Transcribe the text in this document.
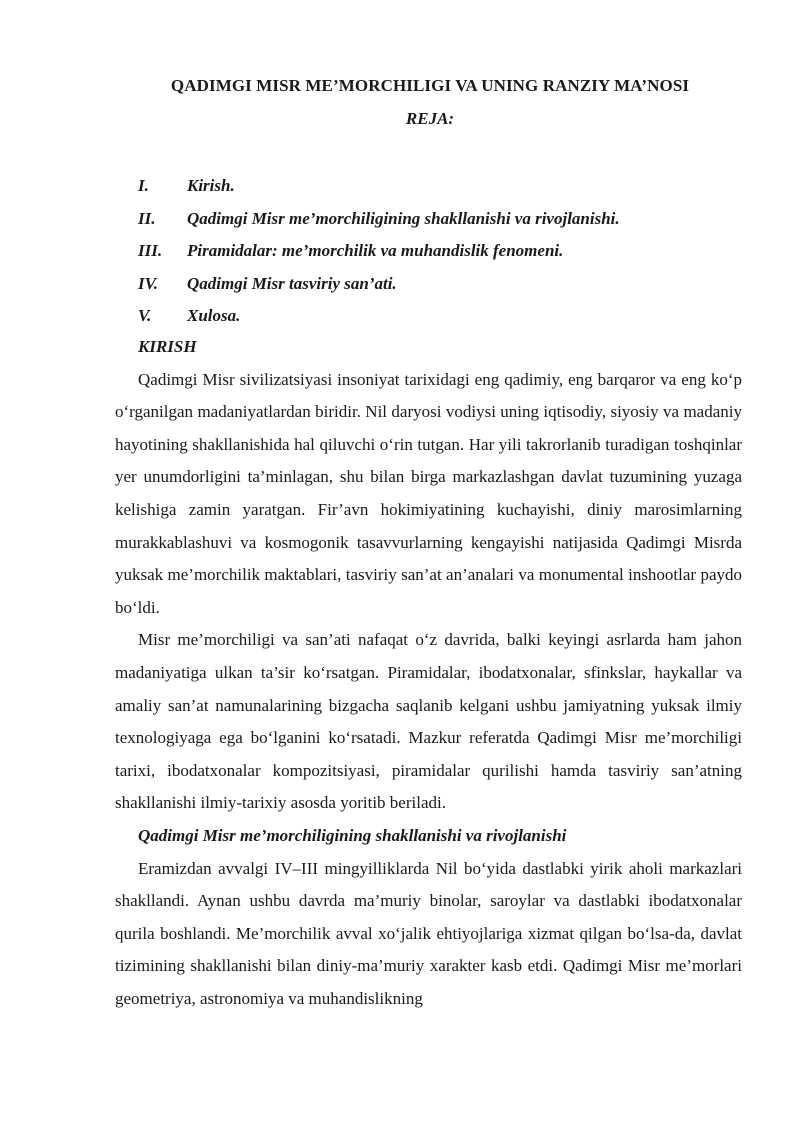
QADIMGI MISR ME’MORCHILIGI VA UNING RANZIY MA’NOSI
REJA:
I. Kirish.
II. Qadimgi Misr me’morchiligining shakllanishi va rivojlanishi.
III. Piramidalar: me’morchilik va muhandislik fenomeni.
IV. Qadimgi Misr tasviriy san’ati.
V. Xulosa.

KIRISH

Qadimgi Misr sivilizatsiyasi insoniyat tarixidagi eng qadimiy, eng barqaror va eng ko‘p o‘rganilgan madaniyatlardan biridir. Nil daryosi vodiysi uning iqtisodiy, siyosiy va madaniy hayotining shakllanishida hal qiluvchi o‘rin tutgan. Har yili takrorlanib turadigan toshqinlar yer unumdorligini ta’minlagan, shu bilan birga markazlashgan davlat tuzumining yuzaga kelishiga zamin yaratgan. Fir’avn hokimiyatining kuchayishi, diniy marosimlarning murakkablashuvi va kosmogonik tasavvurlarning kengayishi natijasida Qadimgi Misrda yuksak me’morchilik maktablari, tasviriy san’at an’analari va monumental inshootlar paydo bo‘ldi.

Misr me’morchiligi va san’ati nafaqat o‘z davrida, balki keyingi asrlarda ham jahon madaniyatiga ulkan ta’sir ko‘rsatgan. Piramidalar, ibodatxonalar, sfinkslar, haykallar va amaliy san’at namunalarining bizgacha saqlanib kelgani ushbu jamiyatning yuksak ilmiy texnologiyaga ega bo‘lganini ko‘rsatadi. Mazkur referatda Qadimgi Misr me’morchiligi tarixi, ibodatxonalar kompozitsiyasi, piramidalar qurilishi hamda tasviriy san’atning shakllanishi ilmiy-tarixiy asosda yoritib beriladi.

Qadimgi Misr me’morchiligining shakllanishi va rivojlanishi

Eramizdan avvalgi IV–III mingyilliklarda Nil bo‘yida dastlabki yirik aholi markazlari shakllandi. Aynan ushbu davrda ma’muriy binolar, saroylar va dastlabki ibodatxonalar qurila boshlandi. Me’morchilik avval xo‘jalik ehtiyojlariga xizmat qilgan bo‘lsa-da, davlat tizimining shakllanishi bilan diniy-ma’muriy xarakter kasb etdi. Qadimgi Misr me’morlari geometriya, astronomiya va muhandislikning
